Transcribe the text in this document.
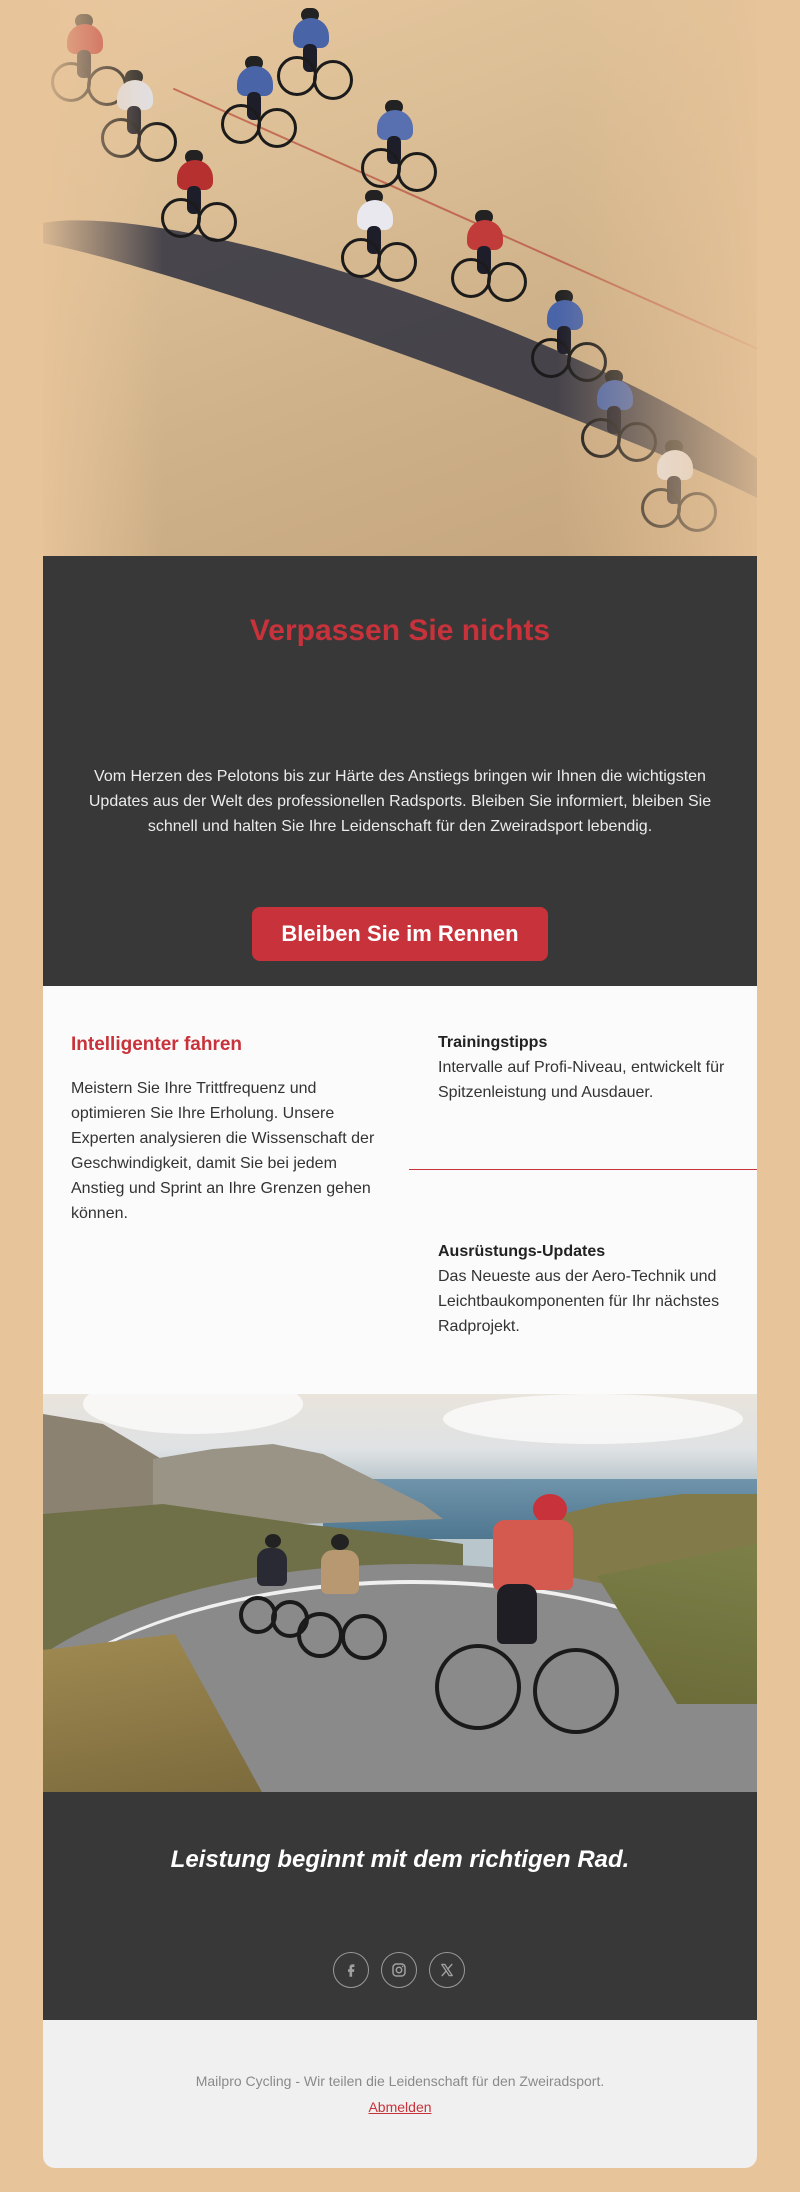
Verpassen Sie nichts

Vom Herzen des Pelotons bis zur Härte des Anstiegs bringen wir Ihnen die wichtigsten Updates aus der Welt des professionellen Radsports. Bleiben Sie informiert, bleiben Sie schnell und halten Sie Ihre Leidenschaft für den Zweiradsport lebendig.

Bleiben Sie im Rennen
Intelligenter fahren

Meistern Sie Ihre Trittfrequenz und optimieren Sie Ihre Erholung. Unsere Experten analysieren die Wissenschaft der Geschwindigkeit, damit Sie bei jedem Anstieg und Sprint an Ihre Grenzen gehen können.

Trainingstipps
Intervalle auf Profi-Niveau, entwickelt für Spitzenleistung und Ausdauer.
Ausrüstungs-Updates
Das Neueste aus der Aero-Technik und Leichtbaukomponenten für Ihr nächstes Radprojekt.

Leistung beginnt mit dem richtigen Rad.

Mailpro Cycling - Wir teilen die Leidenschaft für den Zweiradsport.

Abmelden
